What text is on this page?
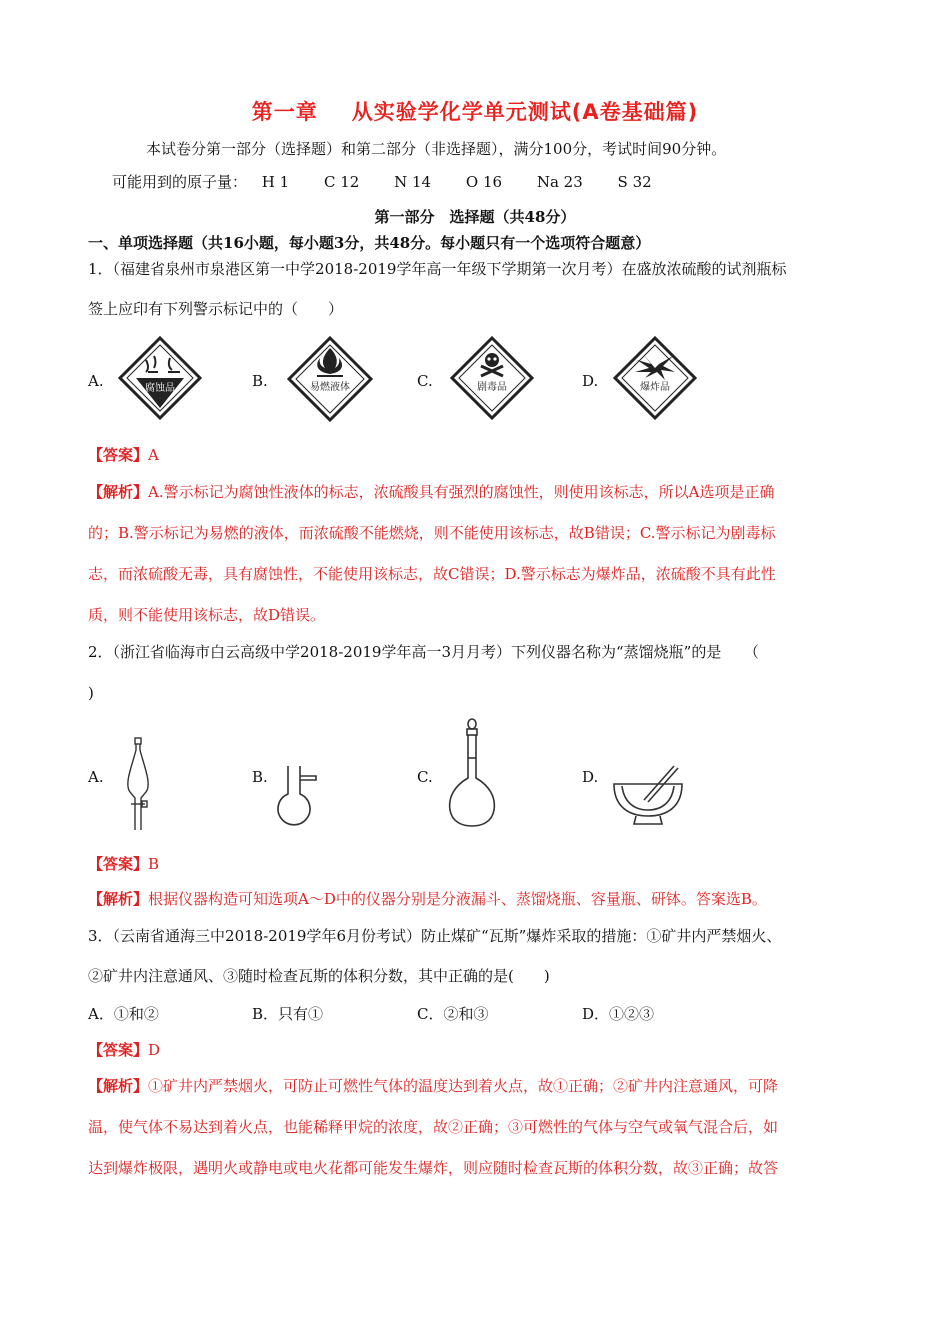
第一章 从实验学化学单元测试(A卷基础篇)
本试卷分第一部分（选择题）和第二部分（非选择题），满分100分，考试时间90分钟。
可能用到的原子量： H 1 C 12 N 14 O 16 Na 23 S 32
第一部分　选择题（共48分）
一、单项选择题（共16小题，每小题3分，共48分。每小题只有一个选项符合题意）
1．（福建省泉州市泉港区第一中学2018-2019学年高一年级下学期第一次月考）在盛放浓硫酸的试剂瓶标
签上应印有下列警示标记中的（　　）
A.	B.	C.	D.
腐蚀品	易燃液体	剧毒品	爆炸品
【答案】A
【解析】A.警示标记为腐蚀性液体的标志，浓硫酸具有强烈的腐蚀性，则使用该标志，所以A选项是正确
的；B.警示标记为易燃的液体，而浓硫酸不能燃烧，则不能使用该标志，故B错误；C.警示标记为剧毒标
志，而浓硫酸无毒，具有腐蚀性，不能使用该标志，故C错误；D.警示标志为爆炸品，浓硫酸不具有此性
质，则不能使用该标志，故D错误。
2．（浙江省临海市白云高级中学2018-2019学年高一3月月考）下列仪器名称为“蒸馏烧瓶”的是　　（
)
A.	B.	C.	D.
【答案】B
【解析】根据仪器构造可知选项A～D中的仪器分别是分液漏斗、蒸馏烧瓶、容量瓶、研钵。答案选B。
3．（云南省通海三中2018-2019学年6月份考试）防止煤矿“瓦斯”爆炸采取的措施：①矿井内严禁烟火、
②矿井内注意通风、③随时检查瓦斯的体积分数，其中正确的是(　　)
A．①和②	B．只有①	C．②和③	D．①②③
【答案】D
【解析】①矿井内严禁烟火，可防止可燃性气体的温度达到着火点，故①正确；②矿井内注意通风，可降
温，使气体不易达到着火点，也能稀释甲烷的浓度，故②正确；③可燃性的气体与空气或氧气混合后，如
达到爆炸极限，遇明火或静电或电火花都可能发生爆炸，则应随时检查瓦斯的体积分数，故③正确；故答
